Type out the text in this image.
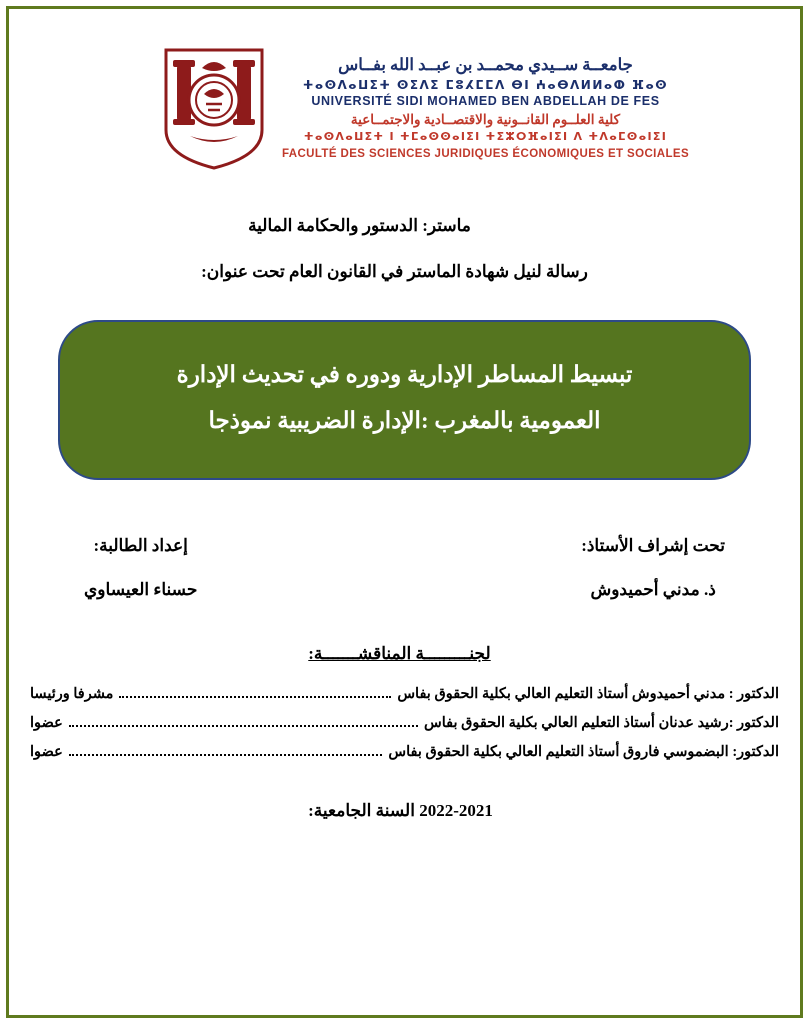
جامعــة ســيدي محمــد بن عبــد الله بفــاس
ⵜⴰⵙⴷⴰⵡⵉⵜ ⵙⵉⴷⵉ ⵎⵓⵃⵎⵎⴷ ⴱⵏ ⵄⴰⴱⴷⵍⵍⴰⵀ ⴼⴰⵙ
UNIVERSITÉ SIDI MOHAMED BEN ABDELLAH DE FES
كلية العلــوم القانــونية والاقتصــادية والاجتمــاعية
ⵜⴰⵙⴷⴰⵡⵉⵜ ⵏ ⵜⵎⴰⵙⵙⴰⵏⵉⵏ ⵜⵉⵣⵔⴼⴰⵏⵉⵏ ⴷ ⵜⴷⴰⵎⵙⴰⵏⵉⵏ
FACULTÉ DES SCIENCES JURIDIQUES ÉCONOMIQUES ET SOCIALES
ماستر: الدستور والحكامة المالية
رسالة لنيل شهادة الماستر في القانون العام تحت عنوان:
تبسيط المساطر الإدارية ودوره في تحديث الإدارة
العمومية بالمغرب :الإدارة الضريبية نموذجا
تحت إشراف الأستاذ:
ذ. مدني أحميدوش
إعداد الطالبة:
حسناء العيساوي
لجنـــــــــة المناقشـــــــة:
الدكتور : مدني أحميدوش أستاذ التعليم العالي بكلية الحقوق بفاس
مشرفا ورئيسا
الدكتور :رشيد عدنان أستاذ التعليم العالي بكلية الحقوق بفاس
عضوا
الدكتور: البضموسي فاروق أستاذ التعليم العالي بكلية الحقوق بفاس
عضوا
2022-2021 السنة الجامعية:
